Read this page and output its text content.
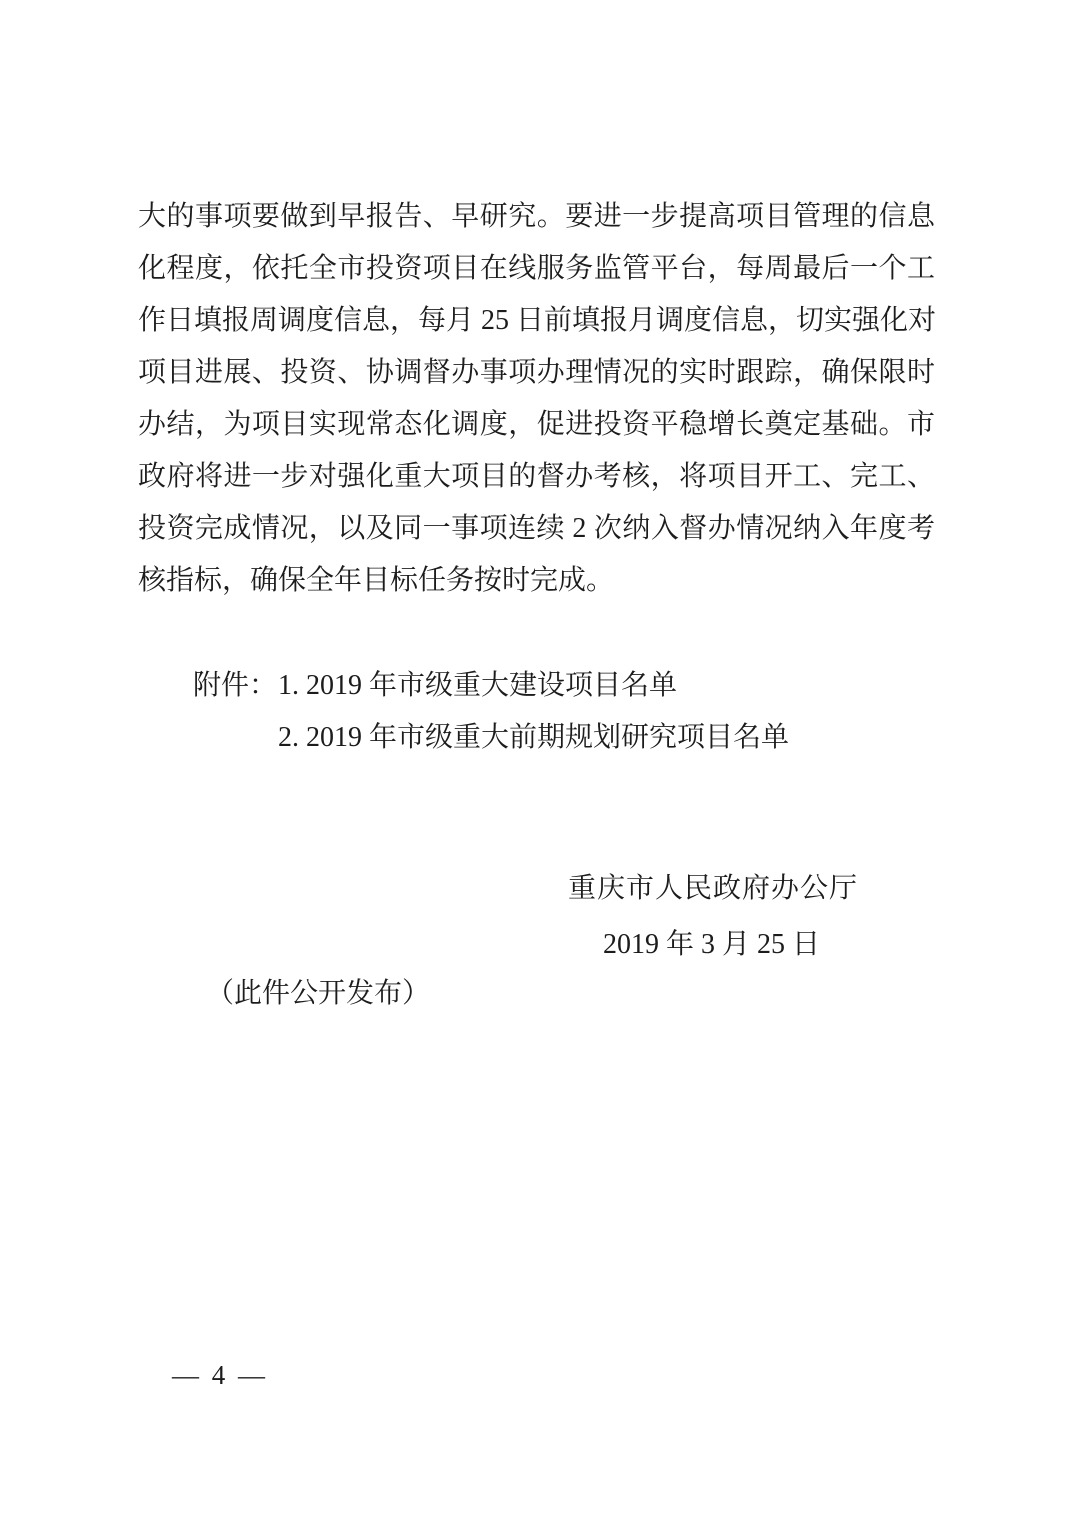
大的事项要做到早报告、早研究。要进一步提高项目管理的信息
化程度，依托全市投资项目在线服务监管平台，每周最后一个工
作日填报周调度信息，每月 25 日前填报月调度信息，切实强化对
项目进展、投资、协调督办事项办理情况的实时跟踪，确保限时
办结，为项目实现常态化调度，促进投资平稳增长奠定基础。市
政府将进一步对强化重大项目的督办考核，将项目开工、完工、
投资完成情况，以及同一事项连续 2 次纳入督办情况纳入年度考
核指标，确保全年目标任务按时完成。
附件： 1. 2019 年市级重大建设项目名单
2. 2019 年市级重大前期规划研究项目名单
重庆市人民政府办公厅
2019 年 3 月 25 日
（此件公开发布）
— 4 —
